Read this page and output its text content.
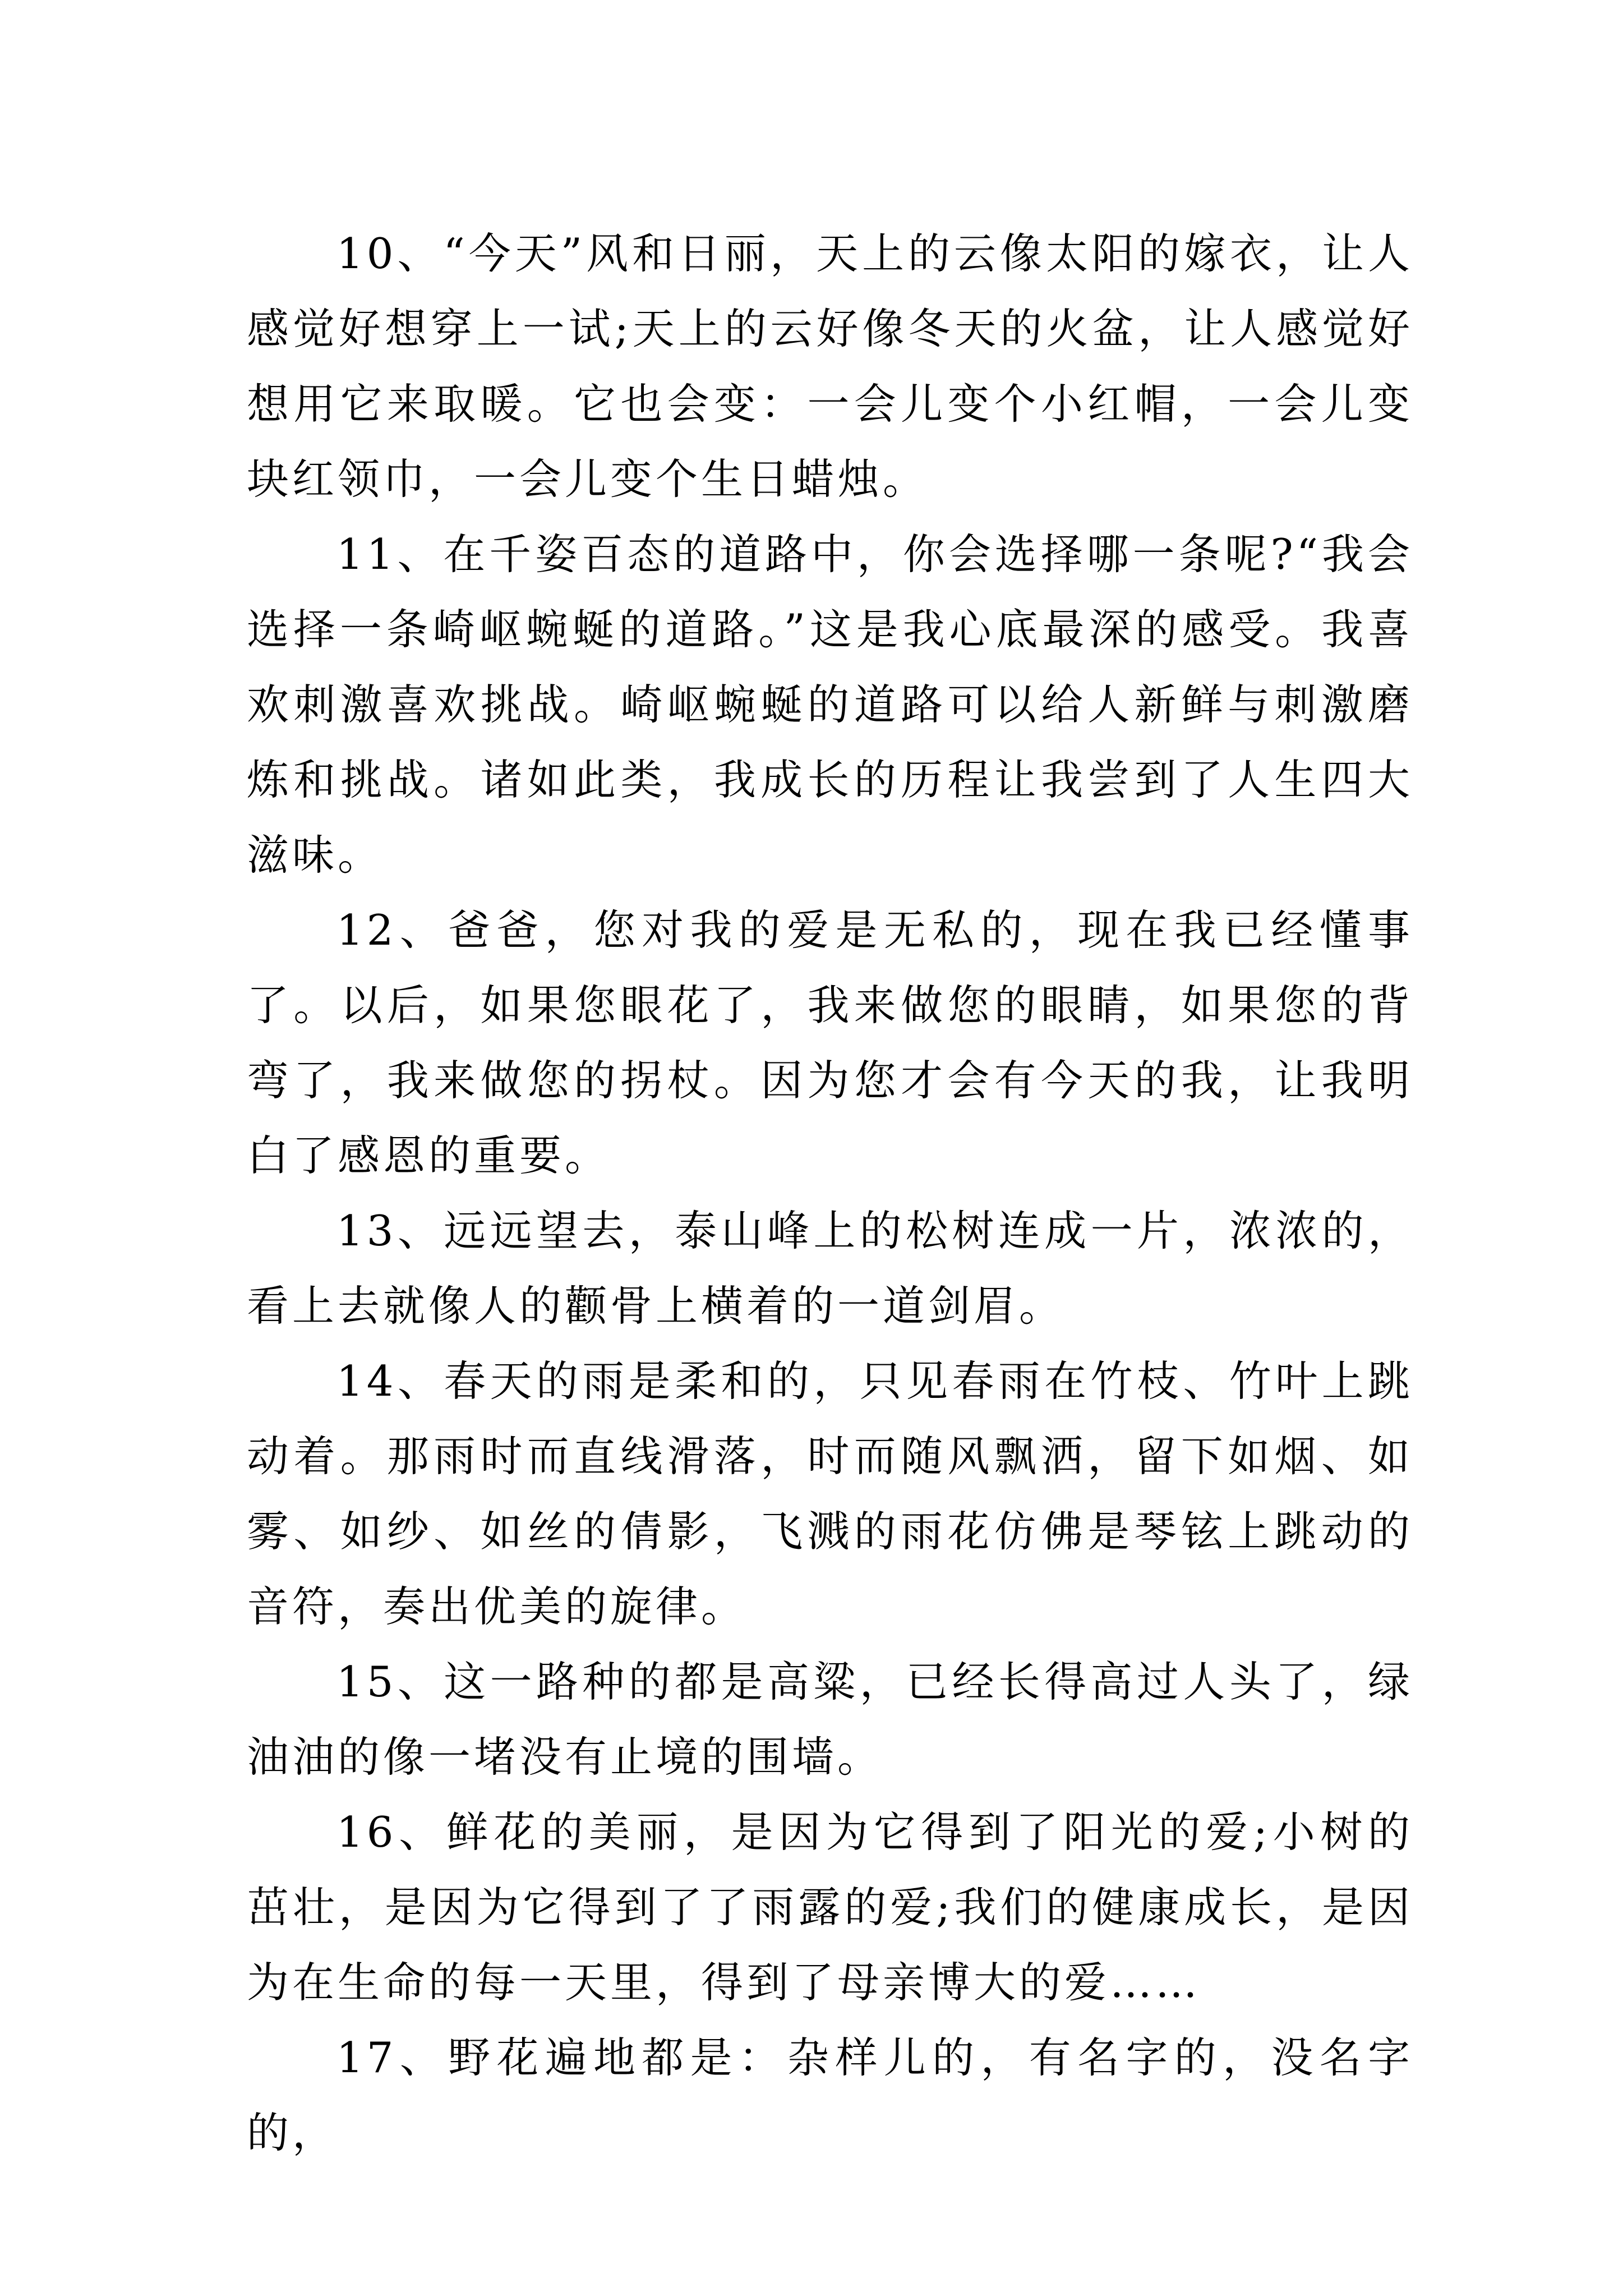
10、“今天”风和日丽，天上的云像太阳的嫁衣，让人感觉好想穿上一试;天上的云好像冬天的火盆，让人感觉好想用它来取暖。它也会变：一会儿变个小红帽，一会儿变块红领巾，一会儿变个生日蜡烛。

11、在千姿百态的道路中，你会选择哪一条呢?“我会选择一条崎岖蜿蜒的道路。”这是我心底最深的感受。我喜欢刺激喜欢挑战。崎岖蜿蜒的道路可以给人新鲜与刺激磨炼和挑战。诸如此类，我成长的历程让我尝到了人生四大滋味。

12、爸爸，您对我的爱是无私的，现在我已经懂事了。以后，如果您眼花了，我来做您的眼睛，如果您的背弯了，我来做您的拐杖。因为您才会有今天的我，让我明白了感恩的重要。

13、远远望去，泰山峰上的松树连成一片，浓浓的，看上去就像人的颧骨上横着的一道剑眉。

14、春天的雨是柔和的，只见春雨在竹枝、竹叶上跳动着。那雨时而直线滑落，时而随风飘洒，留下如烟、如雾、如纱、如丝的倩影，飞溅的雨花仿佛是琴铉上跳动的音符，奏出优美的旋律。

15、这一路种的都是高粱，已经长得高过人头了，绿油油的像一堵没有止境的围墙。

16、鲜花的美丽，是因为它得到了阳光的爱;小树的茁壮，是因为它得到了了雨露的爱;我们的健康成长，是因为在生命的每一天里，得到了母亲博大的爱……

17、野花遍地都是：杂样儿的，有名字的，没名字的，
